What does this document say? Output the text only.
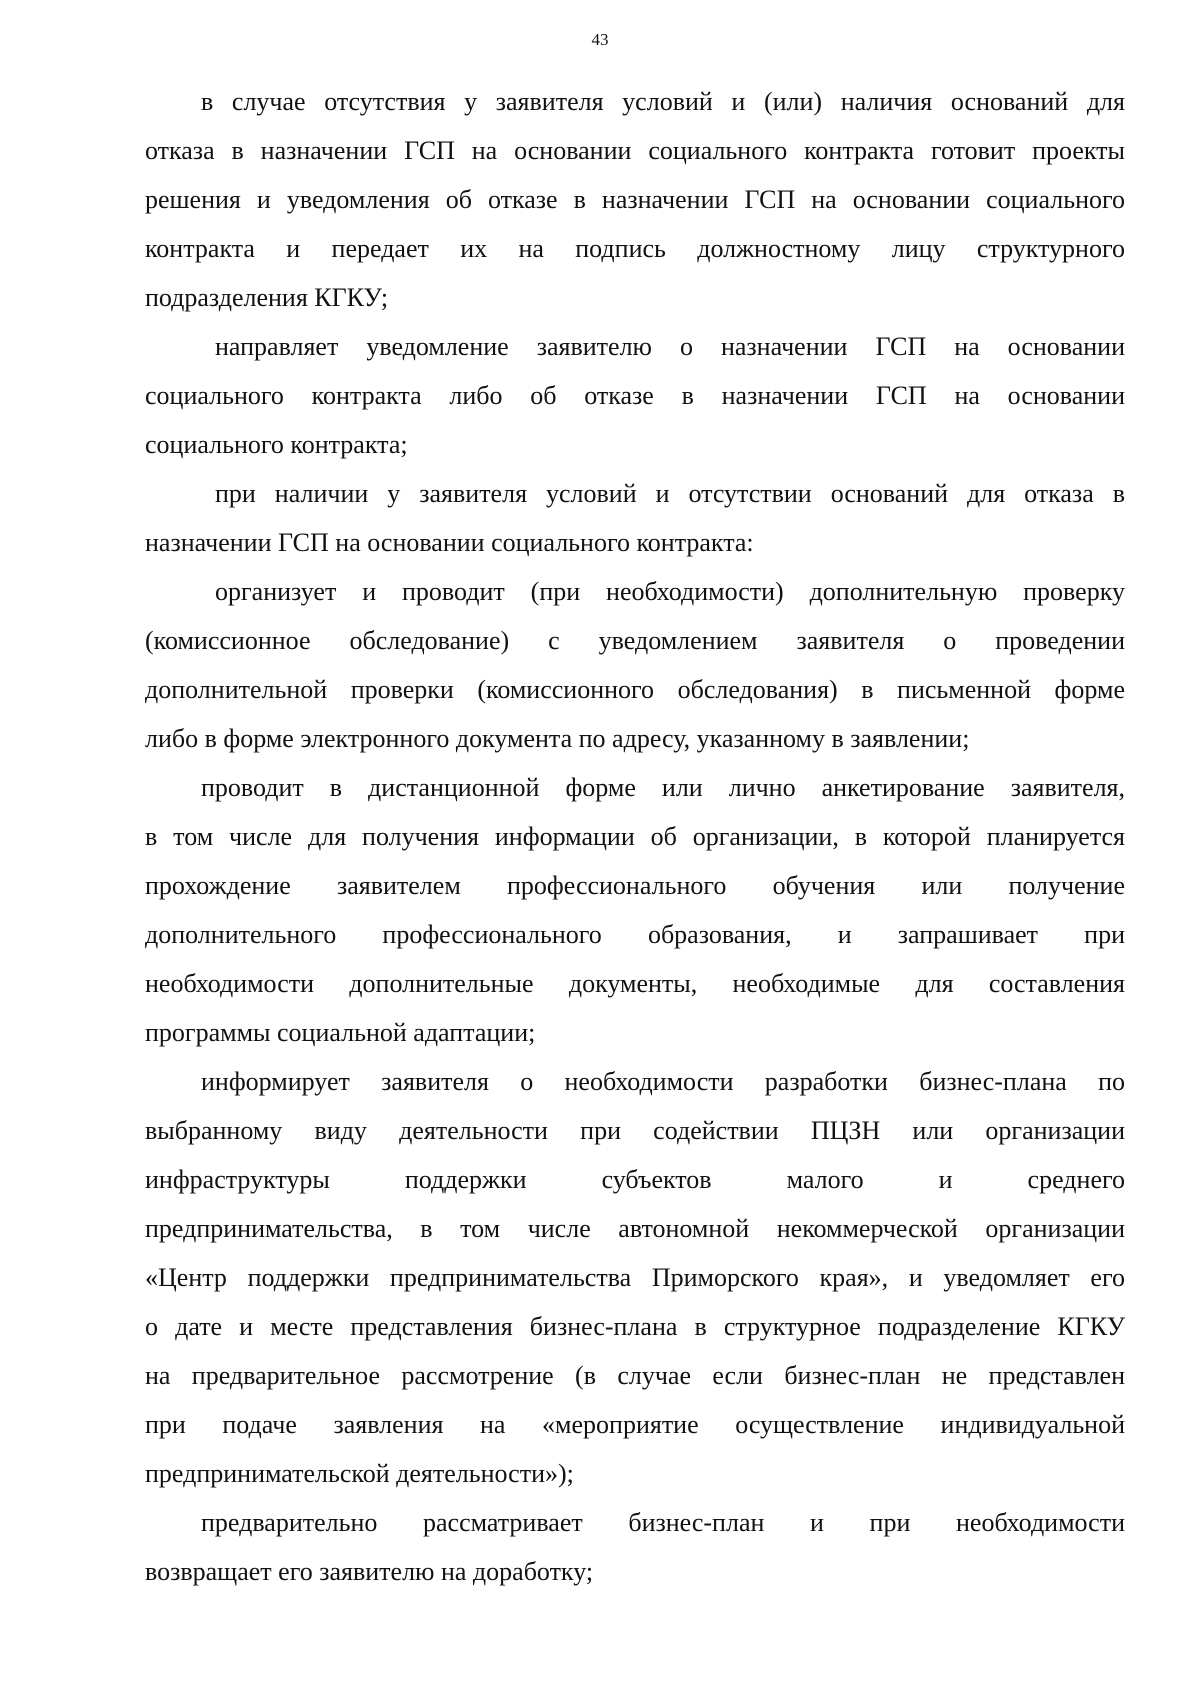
43
в случае отсутствия у заявителя условий и (или) наличия оснований для
отказа в назначении ГСП на основании социального контракта готовит проекты
решения и уведомления об отказе в назначении ГСП на основании социального
контракта и передает их на подпись должностному лицу структурного
подразделения КГКУ;
направляет уведомление заявителю о назначении ГСП на основании
социального контракта либо об отказе в назначении ГСП на основании
социального контракта;
при наличии у заявителя условий и отсутствии оснований для отказа в
назначении ГСП на основании социального контракта:
организует и проводит (при необходимости) дополнительную проверку
(комиссионное обследование) с уведомлением заявителя о проведении
дополнительной проверки (комиссионного обследования) в письменной форме
либо в форме электронного документа по адресу, указанному в заявлении;
проводит в дистанционной форме или лично анкетирование заявителя,
в том числе для получения информации об организации, в которой планируется
прохождение заявителем профессионального обучения или получение
дополнительного профессионального образования, и запрашивает при
необходимости дополнительные документы, необходимые для составления
программы социальной адаптации;
информирует заявителя о необходимости разработки бизнес-плана по
выбранному виду деятельности при содействии ПЦЗН или организации
инфраструктуры поддержки субъектов малого и среднего
предпринимательства, в том числе автономной некоммерческой организации
«Центр поддержки предпринимательства Приморского края», и уведомляет его
о дате и месте представления бизнес-плана в структурное подразделение КГКУ
на предварительное рассмотрение (в случае если бизнес-план не представлен
при подаче заявления на «мероприятие осуществление индивидуальной
предпринимательской деятельности»);
предварительно рассматривает бизнес-план и при необходимости
возвращает его заявителю на доработку;
